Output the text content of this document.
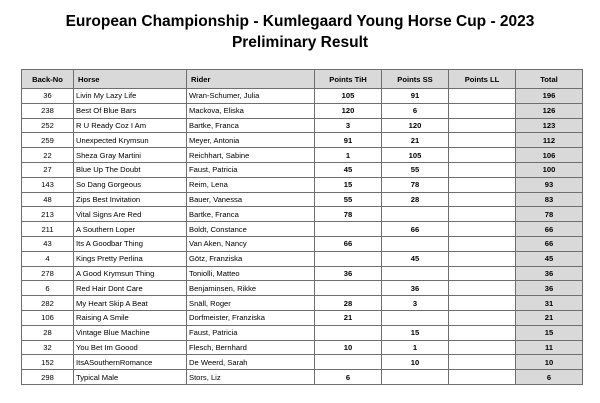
European Championship - Kumlegaard Young Horse Cup - 2023
Preliminary Result
Back-No	Horse	Rider	Points TiH	Points SS	Points LL	Total
36	Livin My Lazy Life	Wran-Schumer, Julia	105	91		196
238	Best Of Blue Bars	Mackova, Eliska	120	6		126
252	R U Ready Coz I Am	Bartke, Franca	3	120		123
259	Unexpected Krymsun	Meyer, Antonia	91	21		112
22	Sheza Gray Martini	Reichhart, Sabine	1	105		106
27	Blue Up The Doubt	Faust, Patricia	45	55		100
143	So Dang Gorgeous	Reim, Lena	15	78		93
48	Zips Best Invitation	Bauer, Vanessa	55	28		83
213	Vital Signs Are Red	Bartke, Franca	78			78
211	A Southern Loper	Boldt, Constance		66		66
43	Its A Goodbar Thing	Van Aken, Nancy	66			66
4	Kings Pretty Perlina	Götz, Franziska		45		45
278	A Good Krymsun Thing	Toniolli, Matteo	36			36
6	Red Hair Dont Care	Benjaminsen, Rikke		36		36
282	My Heart Skip A Beat	Snäll, Roger	28	3		31
106	Raising A Smile	Dorfmeister, Franziska	21			21
28	Vintage Blue Machine	Faust, Patricia		15		15
32	You Bet Im Goood	Flesch, Bernhard	10	1		11
152	ItsASouthernRomance	De Weerd, Sarah		10		10
298	Typical Male	Stors, Liz	6			6
